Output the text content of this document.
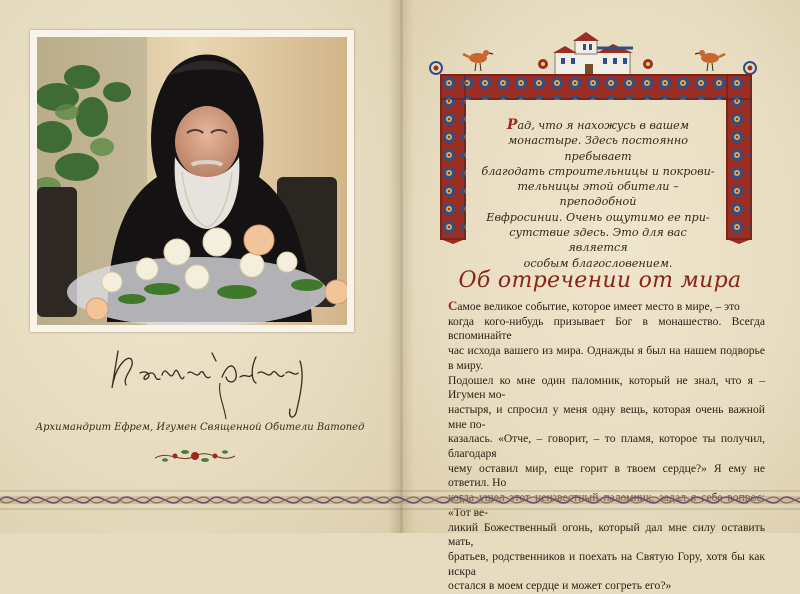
Архимандрит Ефрем, Игумен Священной Обители Ватопед
Рад, что я нахожусь в вашем
монастыре. Здесь постоянно пребывает
благодать строительницы и покрови-
тельницы этой обители – преподобной
Евфросинии. Очень ощутимо ее при-
сутствие здесь. Это для вас является
особым благословением.
Об отречении от мира
Самое великое событие, которое имеет место в мире, – это
когда кого-нибудь призывает Бог в монашество. Всегда вспоминайте
час исхода вашего из мира. Однажды я был на нашем подворье в миру.
Подошел ко мне один паломник, который не знал, что я – Игумен мо-
настыря, и спросил у меня одну вещь, которая очень важной мне по-
казалась. «Отче, – говорит, – то пламя, которое ты получил, благодаря
чему оставил мир, еще горит в твоем сердце?» Я ему не ответил. Но
«Тот ве-
ликий Божественный огонь, который дал мне силу оставить мать,
братьев, родственников и поехать на Святую Гору, хотя бы как искра
остался в моем сердце и может согреть его?»
